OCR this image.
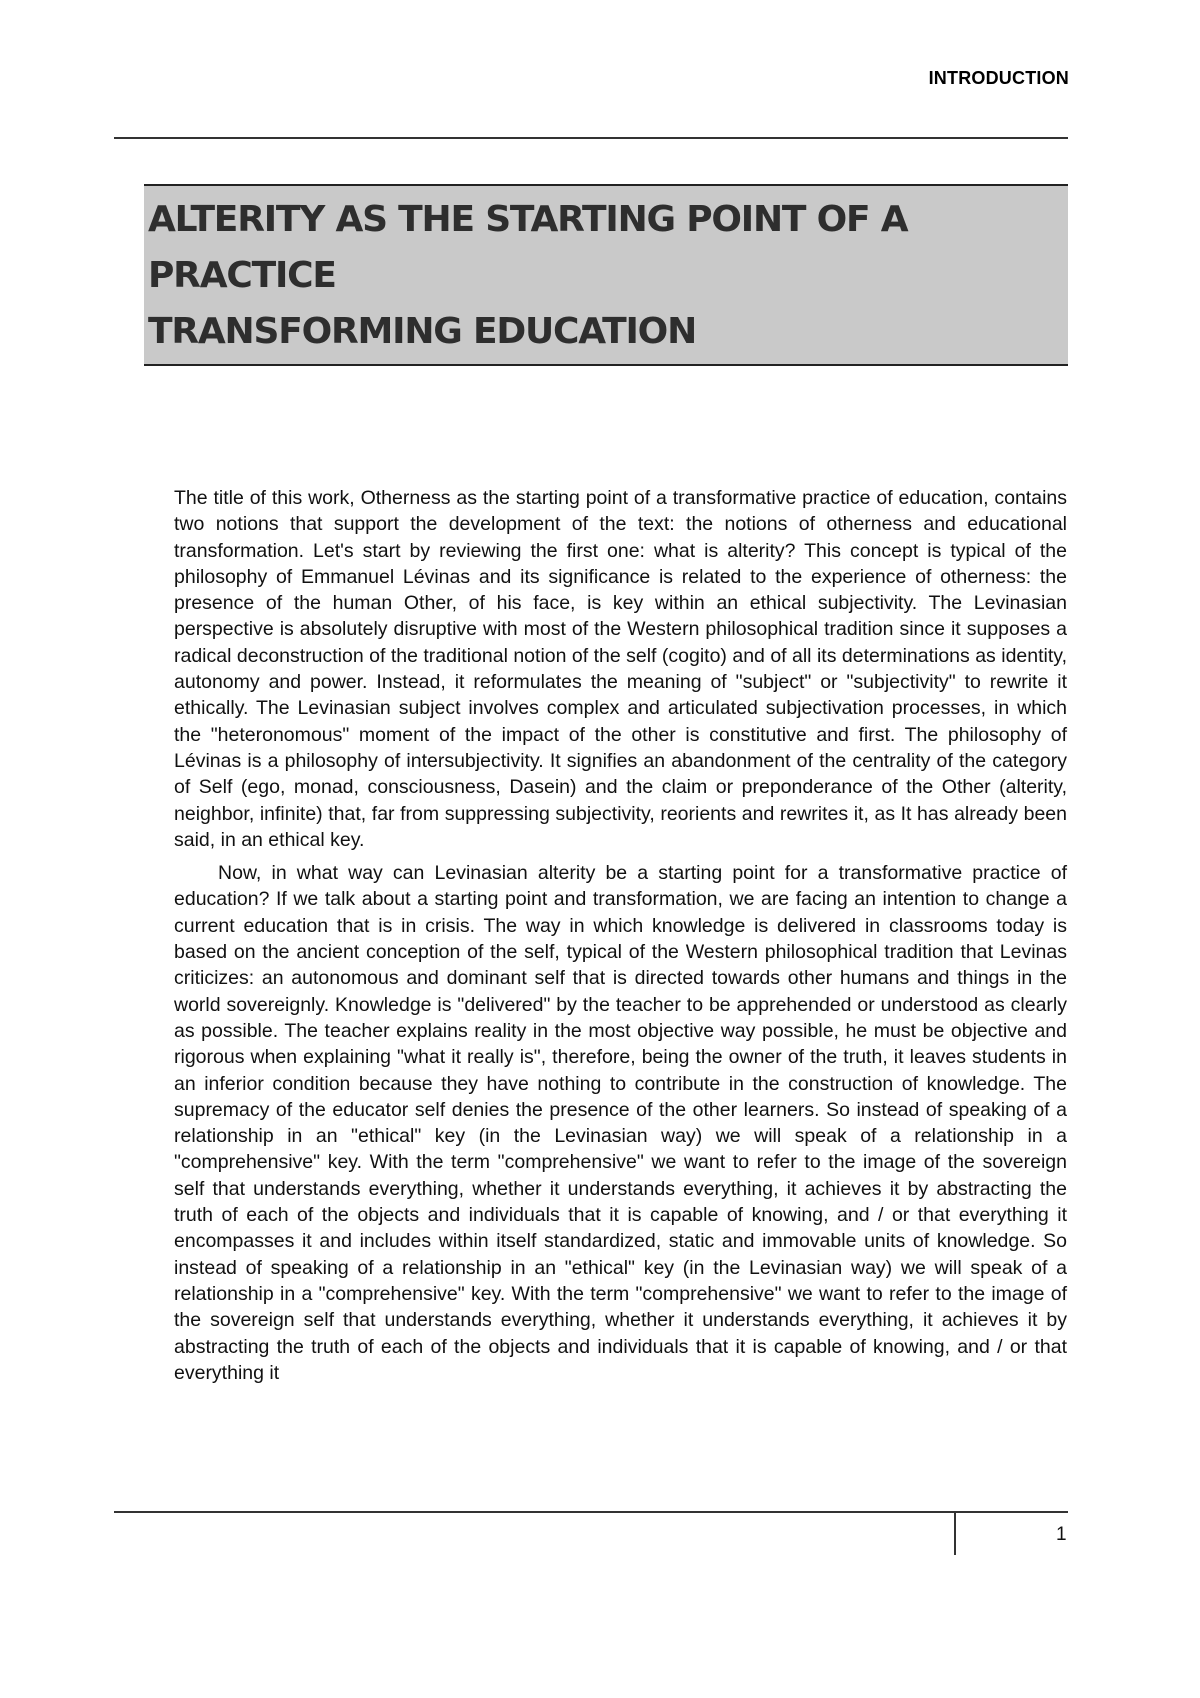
INTRODUCTION
ALTERITY AS THE STARTING POINT OF A PRACTICE
TRANSFORMING EDUCATION

The title of this work, Otherness as the starting point of a transformative practice of education, contains two notions that support the development of the text: the notions of otherness and educational transformation. Let's start by reviewing the first one: what is alterity? This concept is typical of the philosophy of Emmanuel Lévinas and its significance is related to the experience of otherness: the presence of the human Other, of his face, is key within an ethical subjectivity. The Levinasian perspective is absolutely disruptive with most of the Western philosophical tradition since it supposes a radical deconstruction of the traditional notion of the self (cogito) and of all its determinations as identity, autonomy and power. Instead, it reformulates the meaning of "subject" or "subjectivity" to rewrite it ethically. The Levinasian subject involves complex and articulated subjectivation processes, in which the "heteronomous" moment of the impact of the other is constitutive and first. The philosophy of Lévinas is a philosophy of intersubjectivity. It signifies an abandonment of the centrality of the category of Self (ego, monad, consciousness, Dasein) and the claim or preponderance of the Other (alterity, neighbor, infinite) that, far from suppressing subjectivity, reorients and rewrites it, as It has already been said, in an ethical key.

Now, in what way can Levinasian alterity be a starting point for a transformative practice of education? If we talk about a starting point and transformation, we are facing an intention to change a current education that is in crisis. The way in which knowledge is delivered in classrooms today is based on the ancient conception of the self, typical of the Western philosophical tradition that Levinas criticizes: an autonomous and dominant self that is directed towards other humans and things in the world sovereignly. Knowledge is "delivered" by the teacher to be apprehended or understood as clearly as possible. The teacher explains reality in the most objective way possible, he must be objective and rigorous when explaining "what it really is", therefore, being the owner of the truth, it leaves students in an inferior condition because they have nothing to contribute in the construction of knowledge. The supremacy of the educator self denies the presence of the other learners. So instead of speaking of a relationship in an "ethical" key (in the Levinasian way) we will speak of a relationship in a "comprehensive" key. With the term "comprehensive" we want to refer to the image of the sovereign self that understands everything, whether it understands everything, it achieves it by abstracting the truth of each of the objects and individuals that it is capable of knowing, and / or that everything it encompasses it and includes within itself standardized, static and immovable units of knowledge. So instead of speaking of a relationship in an "ethical" key (in the Levinasian way) we will speak of a relationship in a "comprehensive" key. With the term "comprehensive" we want to refer to the image of the sovereign self that understands everything, whether it understands everything, it achieves it by abstracting the truth of each of the objects and individuals that it is capable of knowing, and / or that everything it

1
